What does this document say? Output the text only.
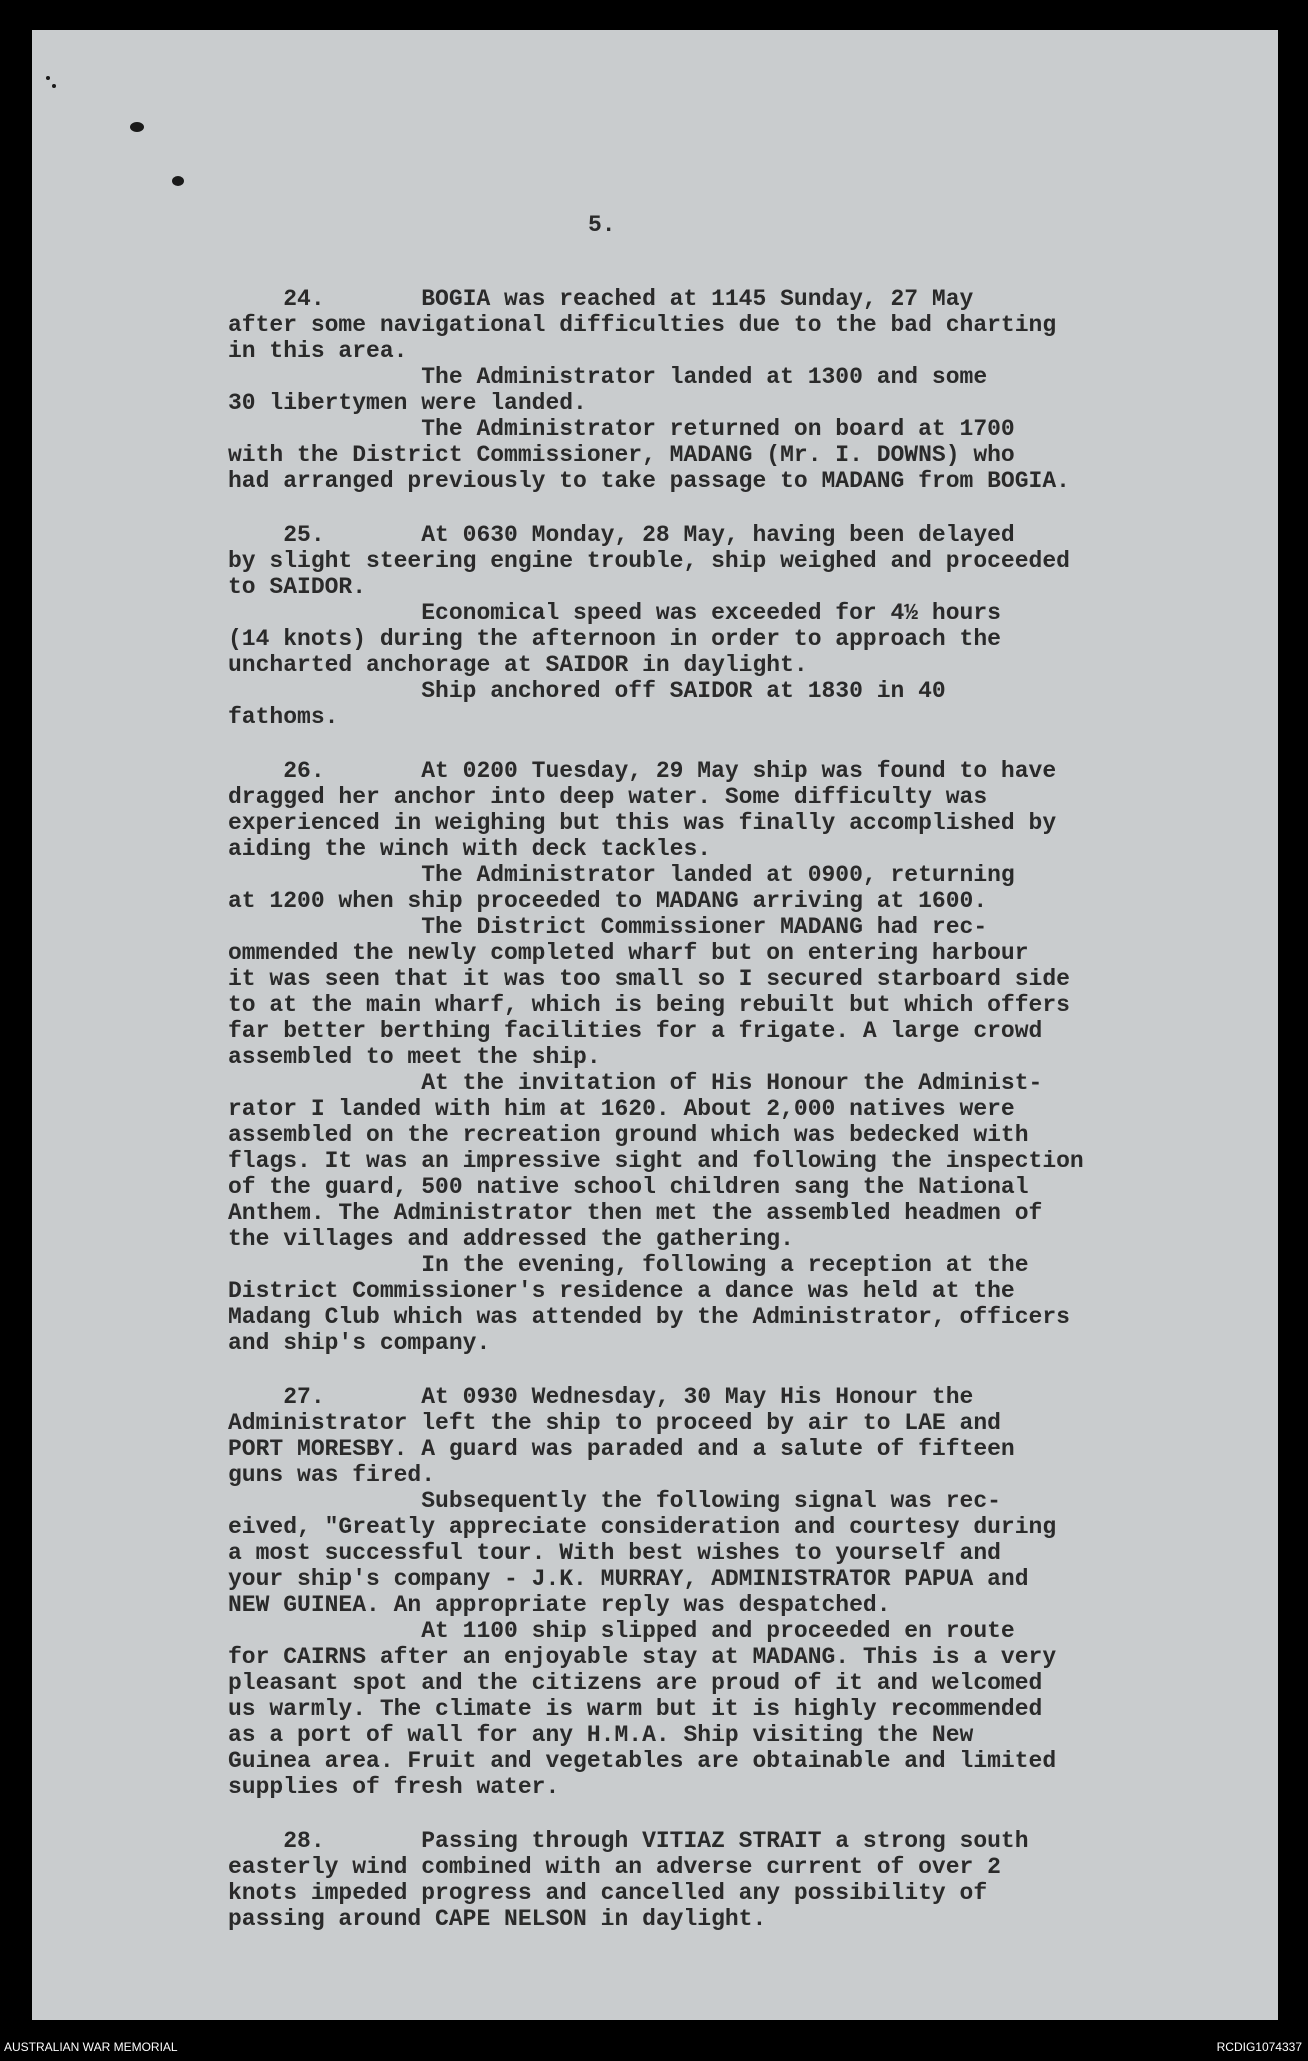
5.
24.       BOGIA was reached at 1145 Sunday, 27 May
after some navigational difficulties due to the bad charting
in this area.
The Administrator landed at 1300 and some
30 libertymen were landed.
The Administrator returned on board at 1700
with the District Commissioner, MADANG (Mr. I. DOWNS) who
had arranged previously to take passage to MADANG from BOGIA.
25.       At 0630 Monday, 28 May, having been delayed
by slight steering engine trouble, ship weighed and proceeded
to SAIDOR.
Economical speed was exceeded for 4½ hours
(14 knots) during the afternoon in order to approach the
uncharted anchorage at SAIDOR in daylight.
Ship anchored off SAIDOR at 1830 in 40
fathoms.
26.       At 0200 Tuesday, 29 May ship was found to have
dragged her anchor into deep water. Some difficulty was
experienced in weighing but this was finally accomplished by
aiding the winch with deck tackles.
The Administrator landed at 0900, returning
at 1200 when ship proceeded to MADANG arriving at 1600.
The District Commissioner MADANG had rec-
ommended the newly completed wharf but on entering harbour
it was seen that it was too small so I secured starboard side
to at the main wharf, which is being rebuilt but which offers
far better berthing facilities for a frigate. A large crowd
assembled to meet the ship.
At the invitation of His Honour the Administ-
rator I landed with him at 1620. About 2,000 natives were
assembled on the recreation ground which was bedecked with
flags. It was an impressive sight and following the inspection
of the guard, 500 native school children sang the National
Anthem. The Administrator then met the assembled headmen of
the villages and addressed the gathering.
In the evening, following a reception at the
District Commissioner's residence a dance was held at the
Madang Club which was attended by the Administrator, officers
and ship's company.
27.       At 0930 Wednesday, 30 May His Honour the
Administrator left the ship to proceed by air to LAE and
PORT MORESBY. A guard was paraded and a salute of fifteen
guns was fired.
Subsequently the following signal was rec-
eived, "Greatly appreciate consideration and courtesy during
a most successful tour. With best wishes to yourself and
your ship's company - J.K. MURRAY, ADMINISTRATOR PAPUA and
NEW GUINEA. An appropriate reply was despatched.
At 1100 ship slipped and proceeded en route
for CAIRNS after an enjoyable stay at MADANG. This is a very
pleasant spot and the citizens are proud of it and welcomed
us warmly. The climate is warm but it is highly recommended
as a port of wall for any H.M.A. Ship visiting the New
Guinea area. Fruit and vegetables are obtainable and limited
supplies of fresh water.
28.       Passing through VITIAZ STRAIT a strong south
easterly wind combined with an adverse current of over 2
knots impeded progress and cancelled any possibility of
passing around CAPE NELSON in daylight.
AUSTRALIAN WAR MEMORIAL	RCDIG1074337
